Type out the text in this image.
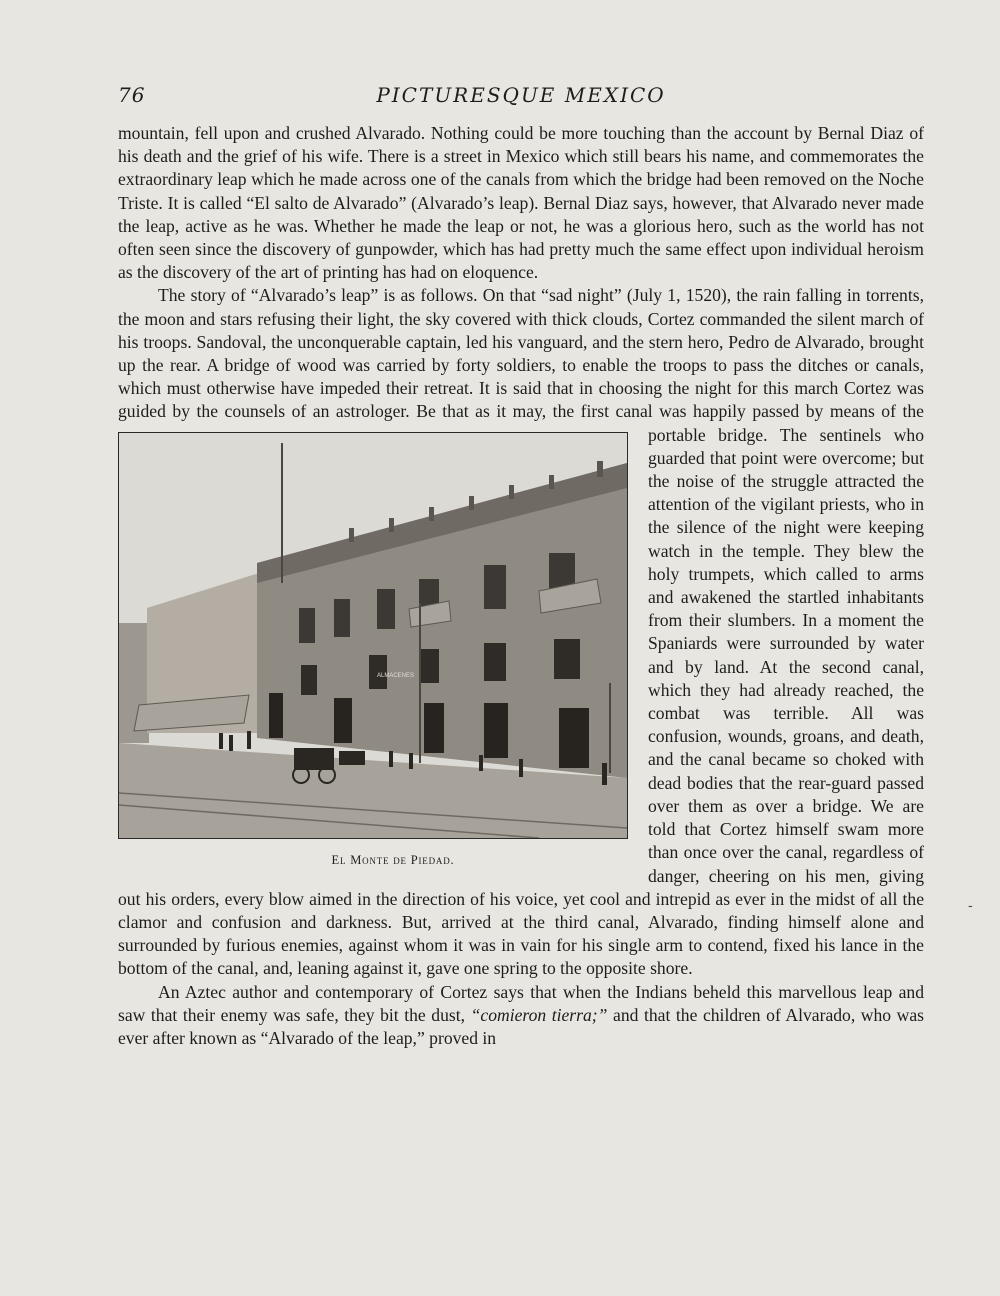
76	PICTURESQUE MEXICO

mountain, fell upon and crushed Alvarado. Nothing could be more touching than the account by Bernal Diaz of his death and the grief of his wife. There is a street in Mexico which still bears his name, and commemorates the extraordinary leap which he made across one of the canals from which the bridge had been removed on the Noche Triste. It is called “El salto de Alvarado” (Alvarado’s leap). Bernal Diaz says, however, that Alvarado never made the leap, active as he was. Whether he made the leap or not, he was a glorious hero, such as the world has not often seen since the discovery of gunpowder, which has had pretty much the same effect upon individual heroism as the discovery of the art of printing has had on eloquence.

The story of “Alvarado’s leap” is as follows. On that “sad night” (July 1, 1520), the rain falling in torrents, the moon and stars refusing their light, the sky covered with thick clouds, Cortez commanded the silent march of his troops. Sandoval, the unconquerable captain, led his vanguard, and the stern hero, Pedro de Alvarado, brought up the rear. A bridge of wood was carried by forty soldiers, to enable the troops to pass the ditches or canals, which must otherwise have impeded their retreat. It is said that in choosing the night for this march Cortez was guided by the counsels of an astrologer.
ALMACENES
El Monte de Piedad.
Be that as it may, the first canal was happily passed by means of the portable bridge. The sentinels who guarded that point were overcome; but the noise of the struggle attracted the attention of the vigilant priests, who in the silence of the night were keeping watch in the temple. They blew the holy trumpets, which called to arms and awakened the startled inhabitants from their slumbers. In a moment the Spaniards were surrounded by water and by land. At the second canal, which they had already reached, the combat was terrible. All was confusion, wounds, groans, and death, and the canal became so choked with dead bodies that the rear-guard passed over them as over a bridge. We are told that Cortez himself swam more than once over the canal, regardless of danger, cheering on his men, giving out his orders, every blow aimed in the direction of his voice, yet cool and intrepid as ever in the midst of all the clamor and confusion and darkness. But, arrived at the third canal, Alvarado, finding himself alone and surrounded by furious enemies, against whom it was in vain for his single arm to contend, fixed his lance in the bottom of the canal, and, leaning against it, gave one spring to the opposite shore.

An Aztec author and contemporary of Cortez says that when the Indians beheld this marvellous leap and saw that their enemy was safe, they bit the dust, “comieron tierra;” and that the children of Alvarado, who was ever after known as “Alvarado of the leap,” proved in

-
